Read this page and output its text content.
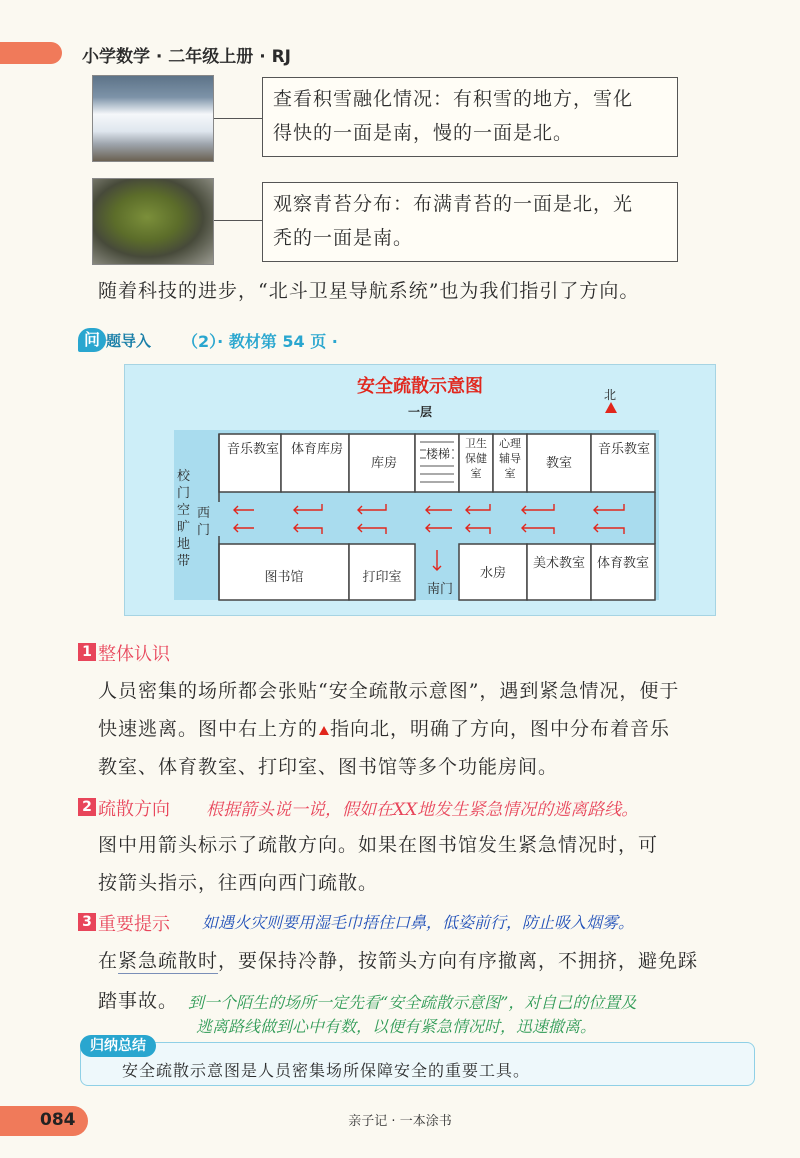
小学数学 · 二年级上册 · RJ
查看积雪融化情况：有积雪的地方，雪化
得快的一面是南，慢的一面是北。
观察青苔分布：布满青苔的一面是北，光
秃的一面是南。
随着科技的进步，“北斗卫星导航系统”也为我们指引了方向。
问 题导入 （2）· 教材第 54 页 ·
安全疏散示意图
一层
北
音乐教室 体育库房
库房
楼梯
卫生保健室
心理辅导室
教室
音乐教室
图书馆	打印室	水房
美术教室 体育教室
校门空旷地带
西门
南门
1 整体认识
人员密集的场所都会张贴“安全疏散示意图”，遇到紧急情况，便于
快速逃离。图中右上方的 指向北，明确了方向，图中分布着音乐
教室、体育教室、打印室、图书馆等多个功能房间。
2 疏散方向 根据箭头说一说，假如在XX地发生紧急情况的逃离路线。
图中用箭头标示了疏散方向。如果在图书馆发生紧急情况时，可
按箭头指示，往西向西门疏散。
3 重要提示 如遇火灾则要用湿毛巾捂住口鼻，低姿前行，防止吸入烟雾。
在紧急疏散时，要保持冷静，按箭头方向有序撤离，不拥挤，避免踩
踏事故。 到一个陌生的场所一定先看“安全疏散示意图”，对自己的位置及
逃离路线做到心中有数，以便有紧急情况时，迅速撤离。
归纳总结
安全疏散示意图是人员密集场所保障安全的重要工具。
084	亲子记 · 一本涂书
